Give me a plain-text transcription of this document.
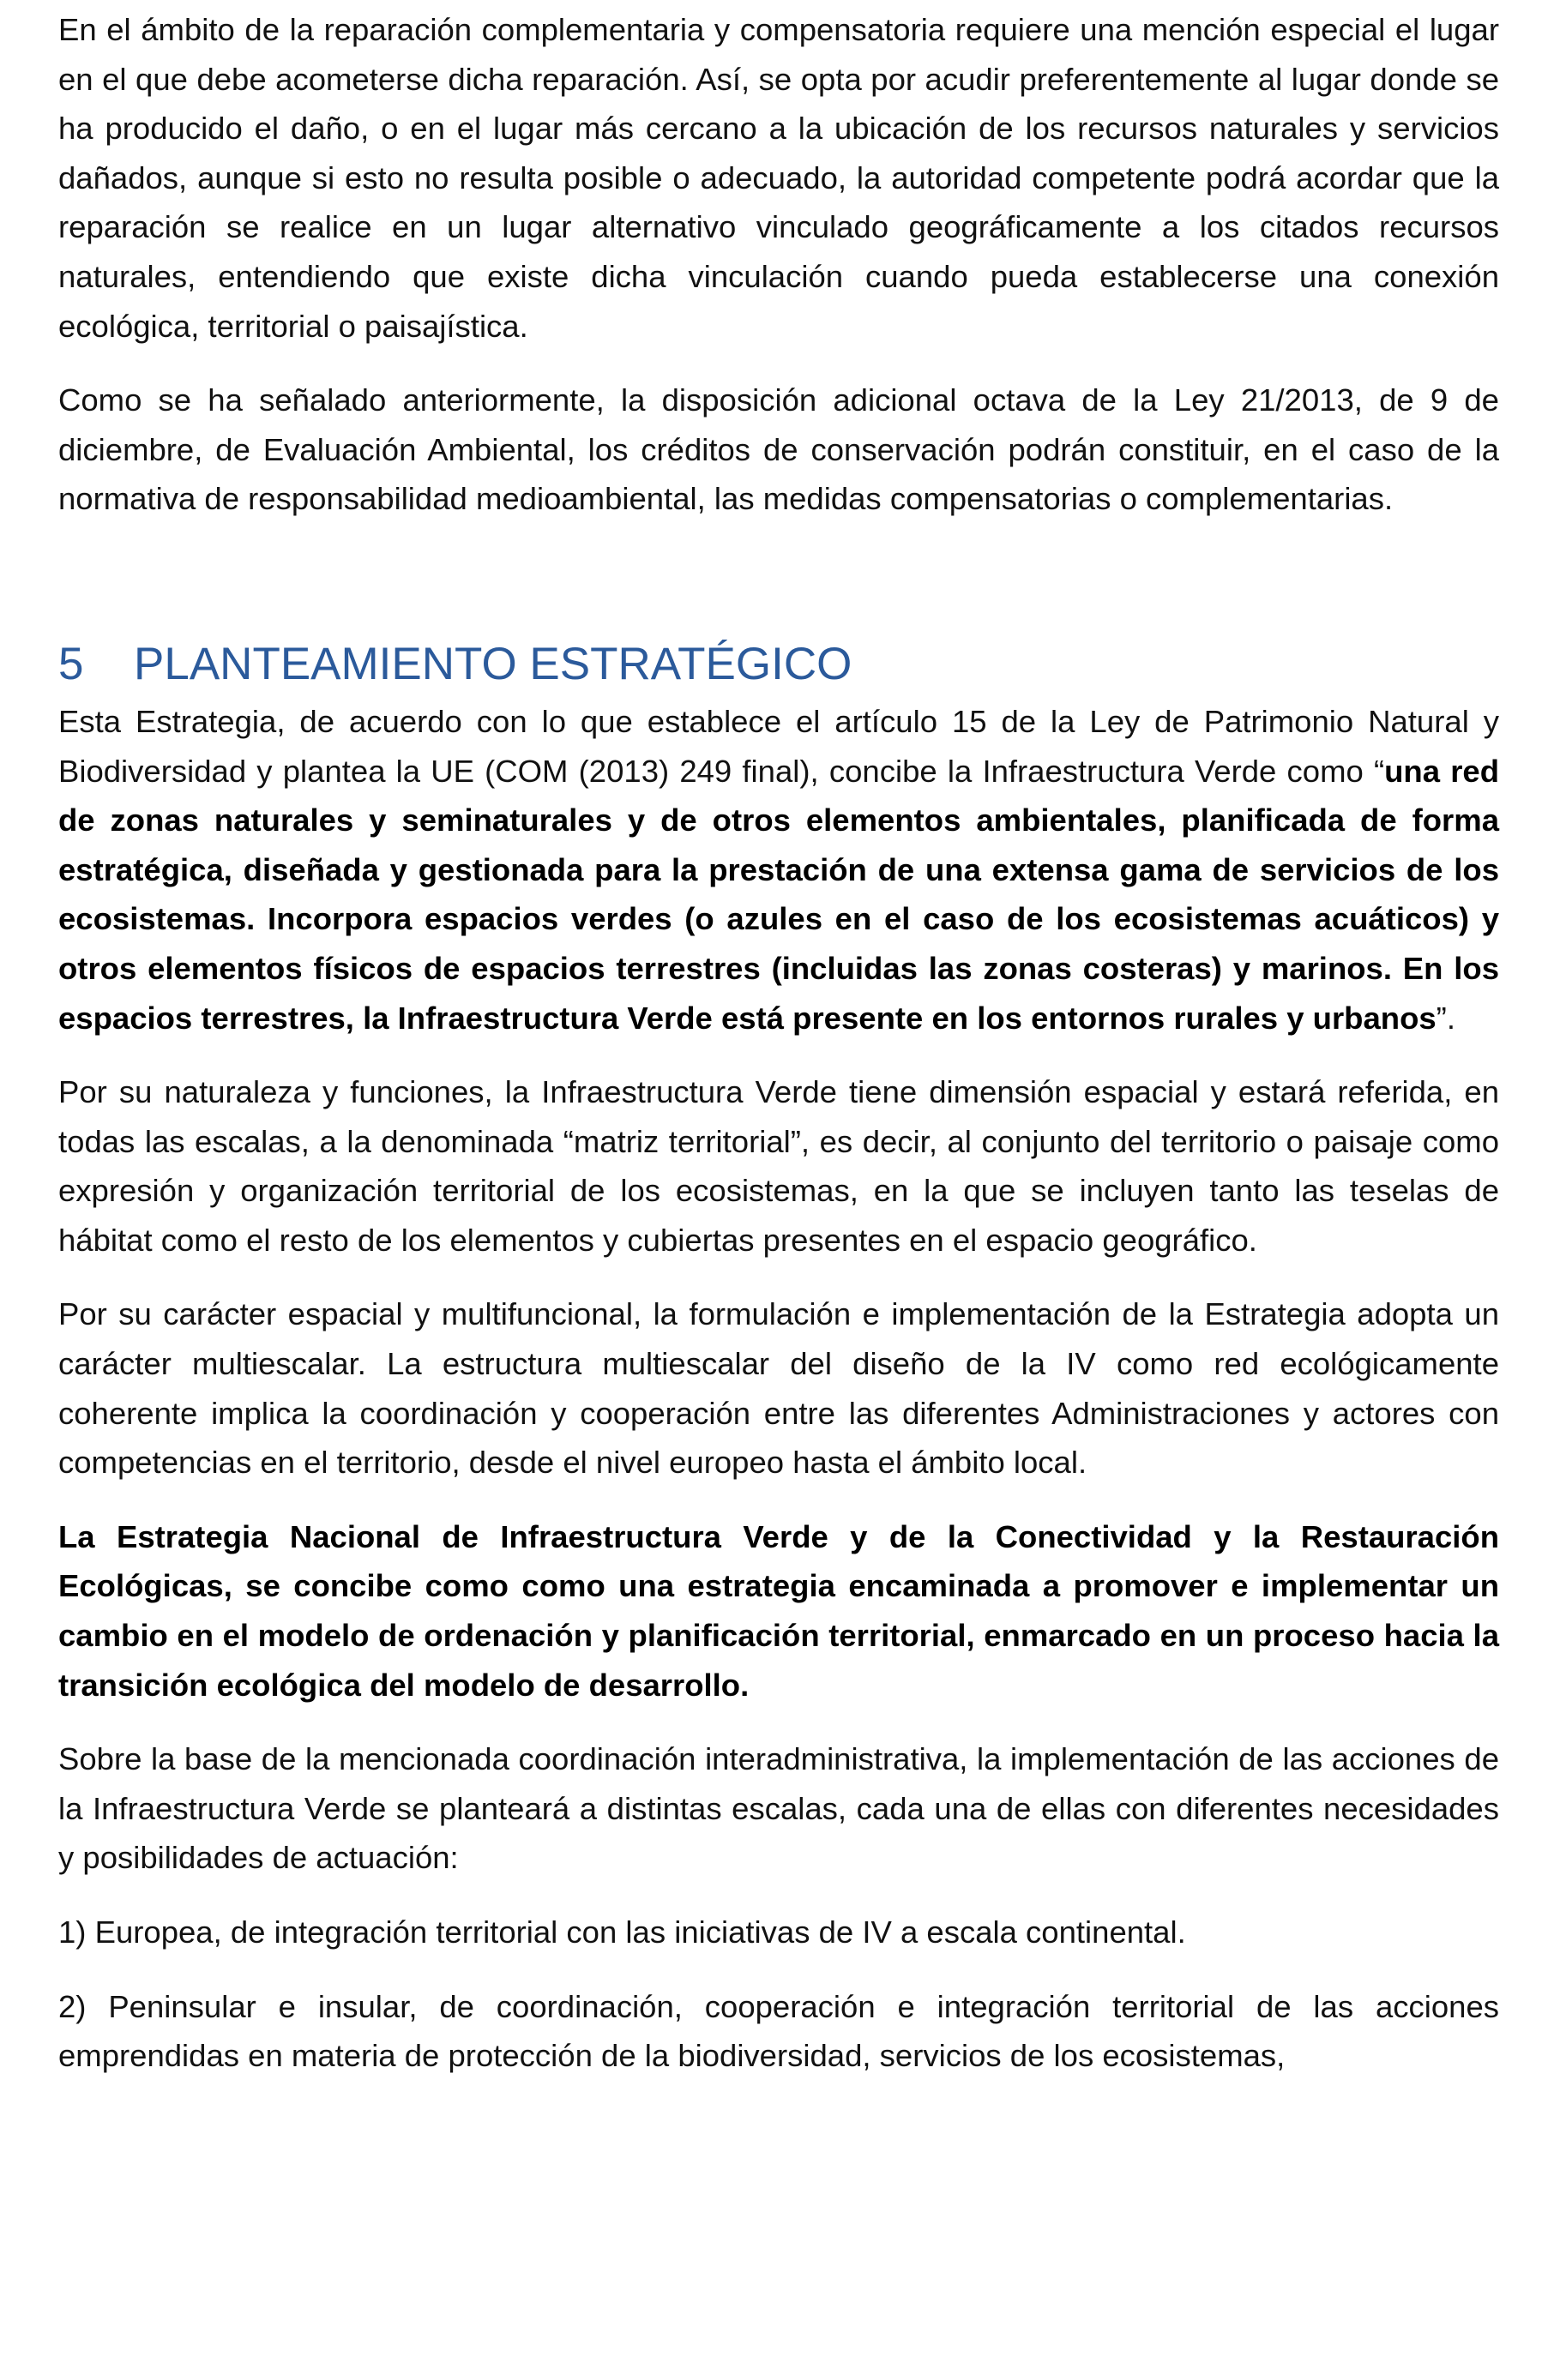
En el ámbito de la reparación complementaria y compensatoria requiere una mención especial el lugar en el que debe acometerse dicha reparación. Así, se opta por acudir preferentemente al lugar donde se ha producido el daño, o en el lugar más cercano a la ubicación de los recursos naturales y servicios dañados, aunque si esto no resulta posible o adecuado, la autoridad competente podrá acordar que la reparación se realice en un lugar alternativo vinculado geográficamente a los citados recursos naturales, entendiendo que existe dicha vinculación cuando pueda establecerse una conexión ecológica, territorial o paisajística.

Como se ha señalado anteriormente, la disposición adicional octava de la Ley 21/2013, de 9 de diciembre, de Evaluación Ambiental, los créditos de conservación podrán constituir, en el caso de la normativa de responsabilidad medioambiental, las medidas compensatorias o complementarias.

5	PLANTEAMIENTO ESTRATÉGICO

Esta Estrategia, de acuerdo con lo que establece el artículo 15 de la Ley de Patrimonio Natural y Biodiversidad y plantea la UE (COM (2013) 249 final), concibe la Infraestructura Verde como “una red de zonas naturales y seminaturales y de otros elementos ambientales, planificada de forma estratégica, diseñada y gestionada para la prestación de una extensa gama de servicios de los ecosistemas. Incorpora espacios verdes (o azules en el caso de los ecosistemas acuáticos) y otros elementos físicos de espacios terrestres (incluidas las zonas costeras) y marinos. En los espacios terrestres, la Infraestructura Verde está presente en los entornos rurales y urbanos”.

Por su naturaleza y funciones, la Infraestructura Verde tiene dimensión espacial y estará referida, en todas las escalas, a la denominada “matriz territorial”, es decir, al conjunto del territorio o paisaje como expresión y organización territorial de los ecosistemas, en la que se incluyen tanto las teselas de hábitat como el resto de los elementos y cubiertas presentes en el espacio geográfico.

Por su carácter espacial y multifuncional, la formulación e implementación de la Estrategia adopta un carácter multiescalar. La estructura multiescalar del diseño de la IV como red ecológicamente coherente implica la coordinación y cooperación entre las diferentes Administraciones y actores con competencias en el territorio, desde el nivel europeo hasta el ámbito local.

La Estrategia Nacional de Infraestructura Verde y de la Conectividad y la Restauración Ecológicas, se concibe como como una estrategia encaminada a promover e implementar un cambio en el modelo de ordenación y planificación territorial, enmarcado en un proceso hacia la transición ecológica del modelo de desarrollo.

Sobre la base de la mencionada coordinación interadministrativa, la implementación de las acciones de la Infraestructura Verde se planteará a distintas escalas, cada una de ellas con diferentes necesidades y posibilidades de actuación:

1) Europea, de integración territorial con las iniciativas de IV a escala continental.

2) Peninsular e insular, de coordinación, cooperación e integración territorial de las acciones emprendidas en materia de protección de la biodiversidad, servicios de los ecosistemas,
